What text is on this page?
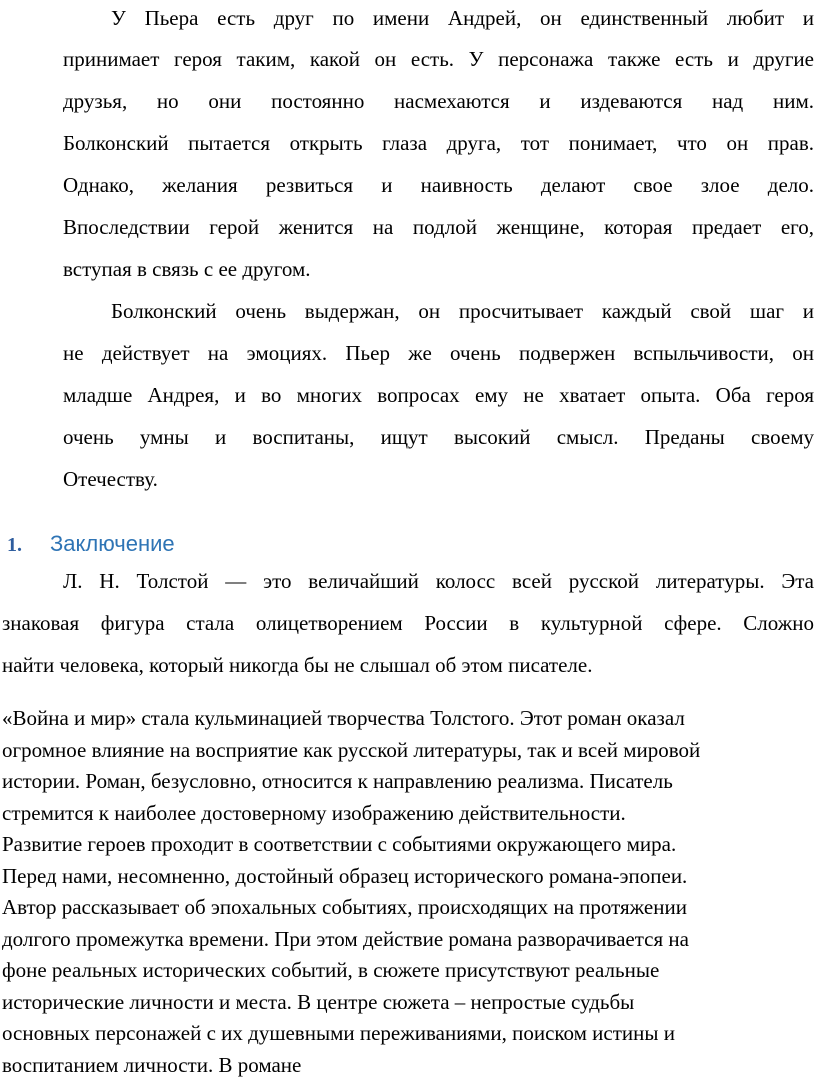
У Пьера есть друг по имени Андрей, он единственный любит и
принимает героя таким, какой он есть. У персонажа также есть и другие
друзья, но они постоянно насмехаются и издеваются над ним.
Болконский пытается открыть глаза друга, тот понимает, что он прав.
Однако, желания резвиться и наивность делают свое злое дело.
Впоследствии герой женится на подлой женщине, которая предает его,
вступая в связь с ее другом.
Болконский очень выдержан, он просчитывает каждый свой шаг и
не действует на эмоциях. Пьер же очень подвержен вспыльчивости, он
младше Андрея, и во многих вопросах ему не хватает опыта. Оба героя
очень умны и воспитаны, ищут высокий смысл. Преданы своему
Отечеству.
1. Заключение
Л. Н. Толстой — это величайший колосс всей русской литературы. Эта
знаковая фигура стала олицетворением России в культурной сфере. Сложно
найти человека, который никогда бы не слышал об этом писателе.
«Война и мир» стала кульминацией творчества Толстого. Этот роман оказал
огромное влияние на восприятие как русской литературы, так и всей мировой
истории. Роман, безусловно, относится к направлению реализма. Писатель
стремится к наиболее достоверному изображению действительности.
Развитие героев проходит в соответствии с событиями окружающего мира.
Перед нами, несомненно, достойный образец исторического романа-эпопеи.
Автор рассказывает об эпохальных событиях, происходящих на протяжении
долгого промежутка времени. При этом действие романа разворачивается на
фоне реальных исторических событий, в сюжете присутствуют реальные
исторические личности и места. В центре сюжета – непростые судьбы
основных персонажей с их душевными переживаниями, поиском истины и
воспитанием личности. В романе
